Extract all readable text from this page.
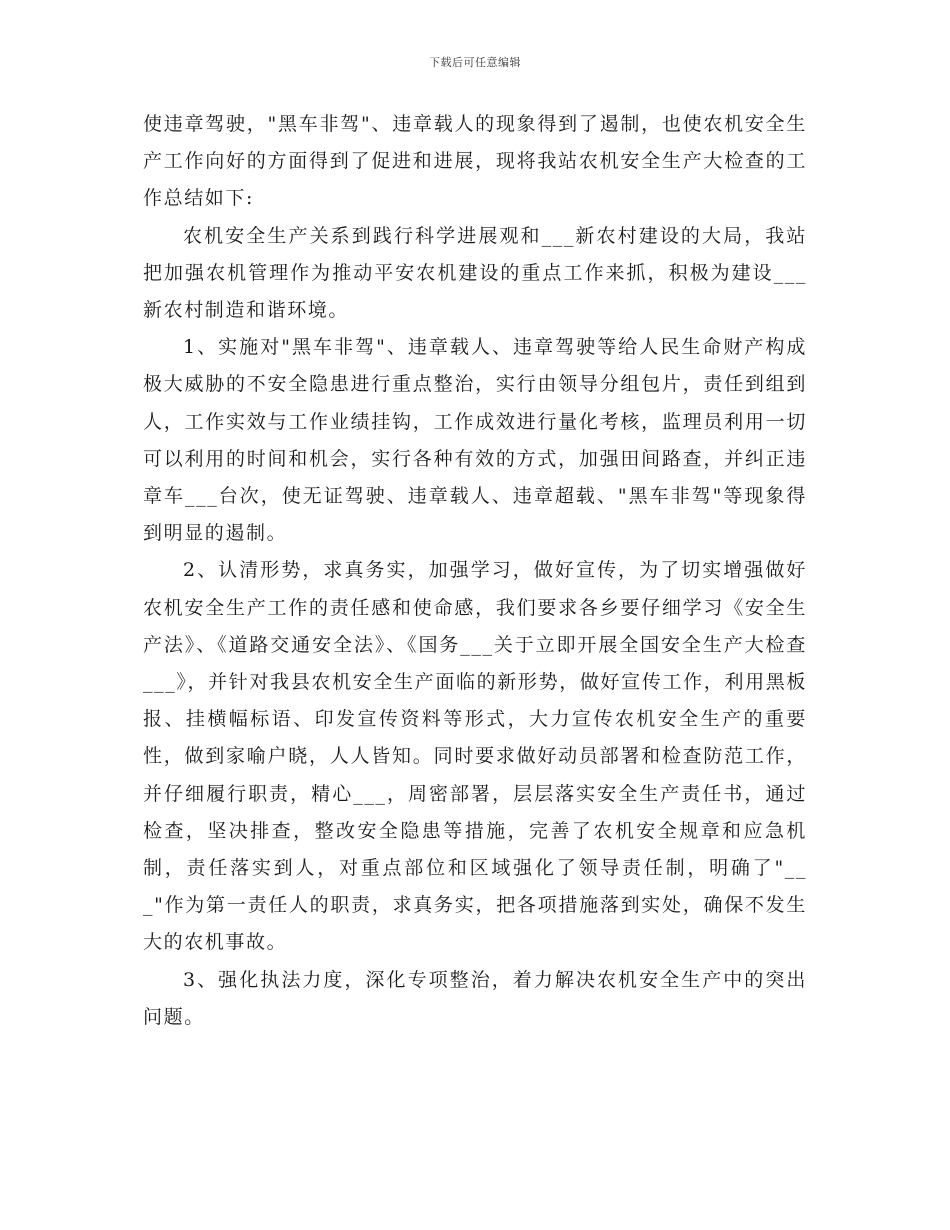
下载后可任意编辑

使违章驾驶，"黑车非驾"、违章载人的现象得到了遏制，也使农机安全生产工作向好的方面得到了促进和进展，现将我站农机安全生产大检查的工作总结如下:

农机安全生产关系到践行科学进展观和___新农村建设的大局，我站把加强农机管理作为推动平安农机建设的重点工作来抓，积极为建设___新农村制造和谐环境。

1、实施对"黑车非驾"、违章载人、违章驾驶等给人民生命财产构成极大威胁的不安全隐患进行重点整治，实行由领导分组包片，责任到组到人，工作实效与工作业绩挂钩，工作成效进行量化考核，监理员利用一切可以利用的时间和机会，实行各种有效的方式，加强田间路查，并纠正违章车___台次，使无证驾驶、违章载人、违章超载、"黑车非驾"等现象得到明显的遏制。

2、认清形势，求真务实，加强学习，做好宣传，为了切实增强做好农机安全生产工作的责任感和使命感，我们要求各乡要仔细学习《安全生产法》、《道路交通安全法》、《国务___关于立即开展全国安全生产大检查___》，并针对我县农机安全生产面临的新形势，做好宣传工作，利用黑板报、挂横幅标语、印发宣传资料等形式，大力宣传农机安全生产的重要性，做到家喻户晓，人人皆知。同时要求做好动员部署和检查防范工作，并仔细履行职责，精心___，周密部署，层层落实安全生产责任书，通过检查，坚决排查，整改安全隐患等措施，完善了农机安全规章和应急机制，责任落实到人，对重点部位和区域强化了领导责任制，明确了"___"作为第一责任人的职责，求真务实，把各项措施落到实处，确保不发生大的农机事故。

3、强化执法力度，深化专项整治，着力解决农机安全生产中的突出问题。
